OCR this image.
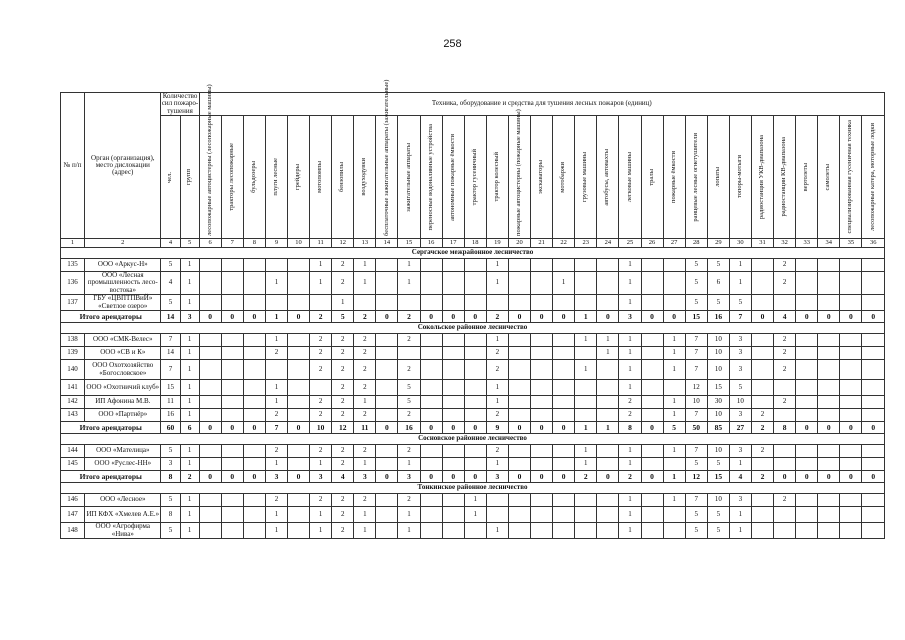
258
№ п/п	Орган (организация), место дислокации (адрес)	Количество сил пожаро-тушения		Техника, оборудование и средства для тушения лесных пожаров (единиц)																														

		чел.	групп	лесопожарные автоцистерны (лесопожарные машины)	тракторы лесопожарные	бульдозеры	плуги лесные	грейдеры	мотопомпы	бензопилы	воздуходувки	бесплаточные зажигательные аппараты (зажигательные)	зажигательные аппараты	переносные водоналивные устройства	автономные пожарные ёмкости	трактор гусеничный	трактор колесный	пожарные автоцистерны (пожарные машины)	экскаваторы	мотобаржи	грузовые машины	автобусы, автовахты	легковые машины	тралы	пожарные ёмкости	ранцевые лесные огнетушители	лопаты	топоры-мотыги	радиостанции УКВ-диапазона	радиостанции КВ-диапазона	вертолеты	самолеты	специализированная гусеничная техника	лесопожарные катера, моторные лодки

1	2	4	5	6	7	8	9	10	11	12	13	14	15	16	17	18	19	20	21	22	23	24	25	26	27	28	29	30	31	32	33	34	35	36
Сергачское межрайонное лесничество																																		
135	ООО «Аркус-Н»	5	1						1	2	1		1				1						1			5	5	1		2				
136	ООО «Лесная промышленность лесо-востока»	4	1				1		1	2	1		1				1			1			1			5	6	1		2				
137	ГБУ «ЦВПТПВиЙ» «Светлое озеро»	5	1							1													1			5	5	5						
Итого арендаторы		14	3	0	0	0	1	0	2	5	2	0	2	0	0	0	2	0	0	0	1	0	3	0	0	15	16	7	0	4	0	0	0	0
Сокольское районное лесничество																																		
138	ООО «СМК-Велес»	7	1				1		2	2	2		2				1				1	1	1		1	7	10	3		2				
139	ООО «СВ и К»	14	1				2		2	2	2						2					1	1		1	7	10	3		2				
140	ООО Охотхозяйство «Богословское»	7	1						2	2	2		2				2				1		1		1	7	10	3		2				
141	ООО «Охотничий клуб»	15	1				1			2	2		5				1						1			12	15	5						
142	ИП Афонина М.В.	11	1				1		2	2	1		5				1						2		1	10	30	10		2				
143	ООО «Партнёр»	16	1				2		2	2	2		2				2						2		1	7	10	3	2					
Итого арендаторы		60	6	0	0	0	7	0	10	12	11	0	16	0	0	0	9	0	0	0	1	1	8	0	5	50	85	27	2	8	0	0	0	0
Сосновское районное лесничество																																		
144	ООО «Мателица»	5	1				2		2	2	2		2				2				1		1		1	7	10	3	2					
145	ООО «Руслес-НН»	3	1				1		1	2	1		1				1				1		1			5	5	1						
Итого арендаторы		8	2	0	0	0	3	0	3	4	3	0	3	0	0	0	3	0	0	0	2	0	2	0	1	12	15	4	2	0	0	0	0	0
Тонкинское районное лесничество																																		
146	ООО «Лесное»	5	1				2		2	2	2		2			1							1		1	7	10	3		2				
147	ИП КФХ «Хмелев А.Е.»	8	1				1		1	2	1		1			1							1			5	5	1						
148	ООО «Агрофирма «Нива»	5	1				1		1	2	1		1				1						1			5	5	1						
